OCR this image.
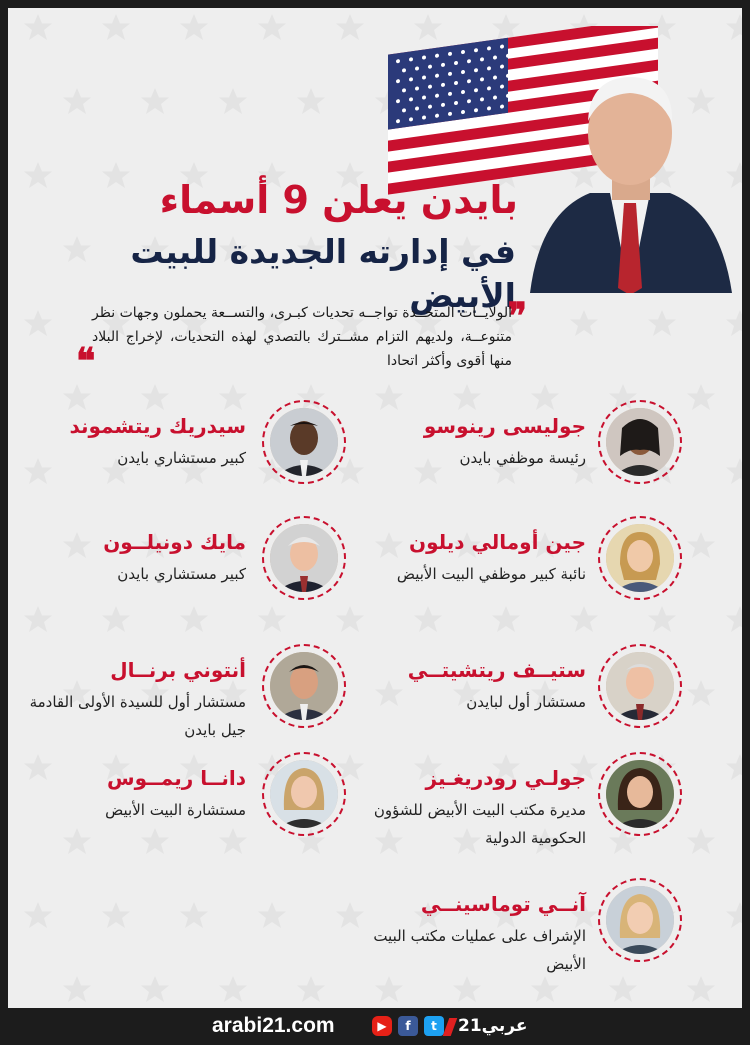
بايدن يعلن 9 أسماء
في إدارته الجديدة للبيت الأبيض
❞
الولايــات المتحــدة تواجــه تحديات كبـرى، والتســعة يحملون وجهات نظر متنوعــة، ولديهم التزام مشــترك بالتصدي لهذه التحديات، لإخراج البلاد منها أقوى وأكثر اتحادا
❝
جوليسى رينوسو
رئيسة موظفي بايدن
جين أومالي ديلون
نائبة كبير موظفي البيت الأبيض
ستيــف ريتشيتــي
مستشار أول لبايدن
جولـي رودريغـيز
مديرة مكتب البيت الأبيض للشؤون الحكومية الدولية
آنــي توماسينــي
الإشراف على عمليات مكتب البيت الأبيض
سيدريك ريتشموند
كبير مستشاري بايدن
مايك دونيلــون
كبير مستشاري بايدن
أنتوني برنــال
مستشار أول للسيدة الأولى القادمة جيل بايدن
دانــا ريمــوس
مستشارة البيت الأبيض
arabi21.com	▶	f	t	عربي21
